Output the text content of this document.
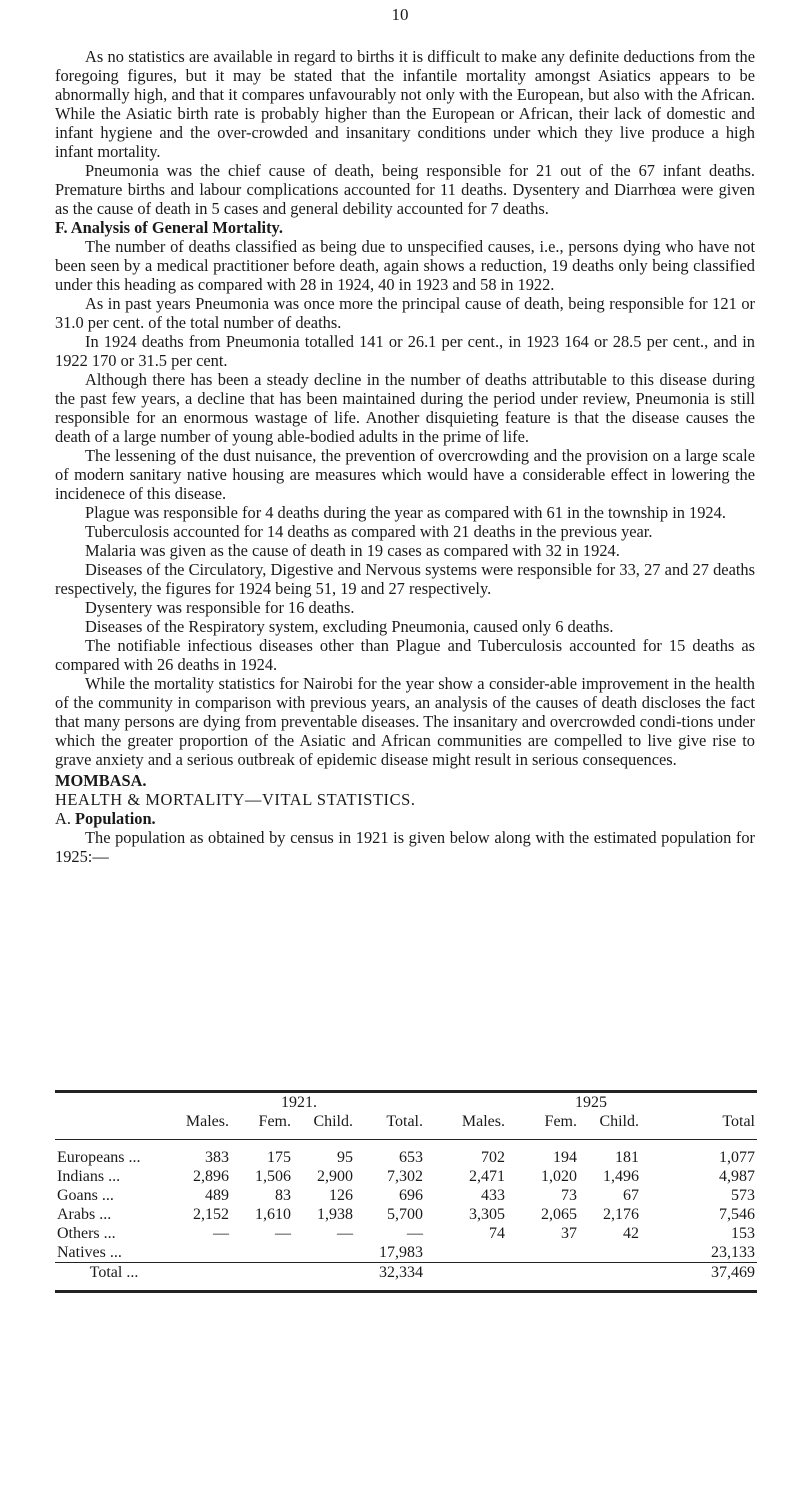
10

As no statistics are available in regard to births it is difficult to make any definite deductions from the foregoing figures, but it may be stated that the infantile mortality amongst Asiatics appears to be abnormally high, and that it compares unfavourably not only with the European, but also with the African. While the Asiatic birth rate is probably higher than the European or African, their lack of domestic and infant hygiene and the over-crowded and insanitary conditions under which they live produce a high infant mortality.

Pneumonia was the chief cause of death, being responsible for 21 out of the 67 infant deaths. Premature births and labour complications accounted for 11 deaths. Dysentery and Diarrhœa were given as the cause of death in 5 cases and general debility accounted for 7 deaths.

F. Analysis of General Mortality.

The number of deaths classified as being due to unspecified causes, i.e., persons dying who have not been seen by a medical practitioner before death, again shows a reduction, 19 deaths only being classified under this heading as compared with 28 in 1924, 40 in 1923 and 58 in 1922.

As in past years Pneumonia was once more the principal cause of death, being responsible for 121 or 31.0 per cent. of the total number of deaths.

In 1924 deaths from Pneumonia totalled 141 or 26.1 per cent., in 1923 164 or 28.5 per cent., and in 1922 170 or 31.5 per cent.

Although there has been a steady decline in the number of deaths attributable to this disease during the past few years, a decline that has been maintained during the period under review, Pneumonia is still responsible for an enormous wastage of life. Another disquieting feature is that the disease causes the death of a large number of young able-bodied adults in the prime of life.

The lessening of the dust nuisance, the prevention of overcrowding and the provision on a large scale of modern sanitary native housing are measures which would have a considerable effect in lowering the incidenece of this disease.

Plague was responsible for 4 deaths during the year as compared with 61 in the township in 1924.

Tuberculosis accounted for 14 deaths as compared with 21 deaths in the previous year.

Malaria was given as the cause of death in 19 cases as compared with 32 in 1924.

Diseases of the Circulatory, Digestive and Nervous systems were responsible for 33, 27 and 27 deaths respectively, the figures for 1924 being 51, 19 and 27 respectively.

Dysentery was responsible for 16 deaths.

Diseases of the Respiratory system, excluding Pneumonia, caused only 6 deaths.

The notifiable infectious diseases other than Plague and Tuberculosis accounted for 15 deaths as compared with 26 deaths in 1924.

While the mortality statistics for Nairobi for the year show a consider-able improvement in the health of the community in comparison with previous years, an analysis of the causes of death discloses the fact that many persons are dying from preventable diseases. The insanitary and overcrowded condi-tions under which the greater proportion of the Asiatic and African communities are compelled to live give rise to grave anxiety and a serious outbreak of epidemic disease might result in serious consequences.

MOMBASA.

HEALTH & MORTALITY—VITAL STATISTICS.

A. Population.

The population as obtained by census in 1921 is given below along with the estimated population for 1925:—

	1921.				1925			
	Males.	Fem.	Child.	Total.	Males.	Fem.	Child.	Total

Europeans ...	383	175	95	653	702	194	181	1,077
Indians ...	2,896	1,506	2,900	7,302	2,471	1,020	1,496	4,987
Goans ...	489	83	126	696	433	73	67	573
Arabs ...	2,152	1,610	1,938	5,700	3,305	2,065	2,176	7,546
Others ...	—	—	—	—	74	37	42	153
Natives ...				17,983				23,133
Total ...				32,334				37,469
